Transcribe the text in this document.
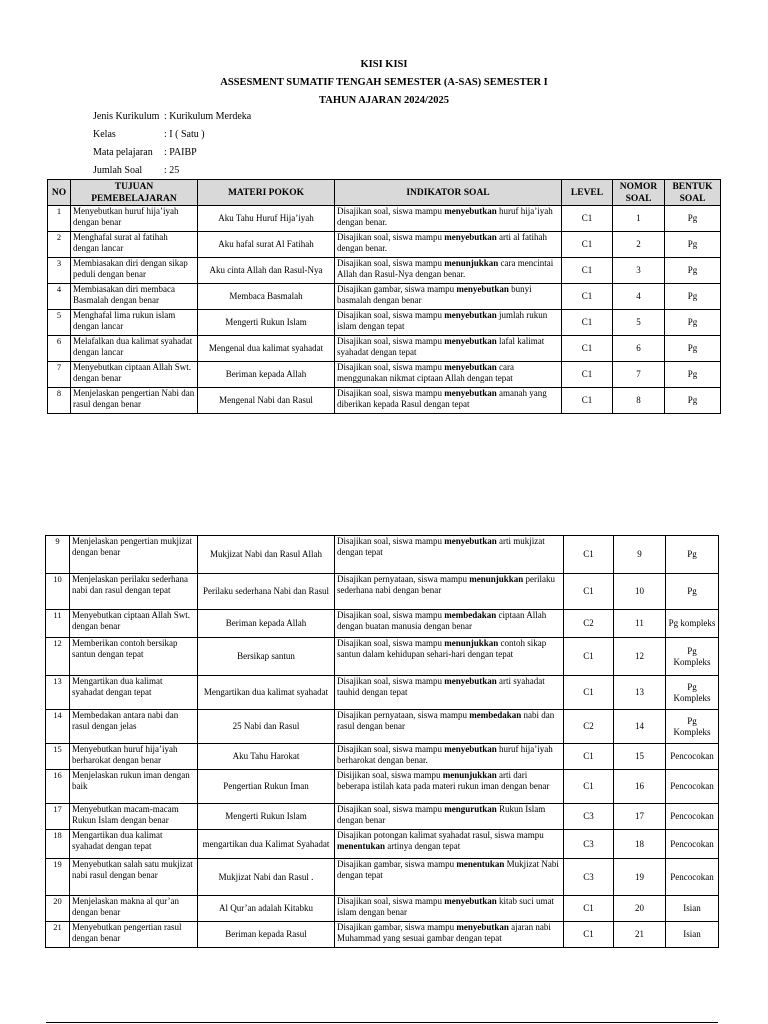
KISI KISI

ASSESMENT SUMATIF TENGAH SEMESTER (A-SAS) SEMESTER I

TAHUN AJARAN 2024/2025

Jenis Kurikulum : Kurikulum Merdeka
Kelas	: I ( Satu )
Mata pelajaran	: PAIBP
Jumlah Soal	: 25
NO	TUJUAN PEMEBELAJARAN	MATERI POKOK	INDIKATOR SOAL	LEVEL	NOMOR SOAL	BENTUK SOAL
1	Menyebutkan huruf hija’iyah dengan benar	Aku Tahu Huruf Hija’iyah	Disajikan soal, siswa mampu menyebutkan huruf hija’iyah dengan benar.	C1	1	Pg
2	Menghafal surat al fatihah dengan lancar	Aku hafal surat Al Fatihah	Disajikan soal, siswa mampu menyebutkan arti al fatihah dengan benar.	C1	2	Pg
3	Membiasakan diri dengan sikap peduli dengan benar	Aku cinta Allah dan Rasul-Nya	Disajikan soal, siswa mampu menunjukkan cara mencintai Allah dan Rasul-Nya dengan benar.	C1	3	Pg
4	Membiasakan diri membaca Basmalah dengan benar	Membaca Basmalah	Disajikan gambar, siswa mampu menyebutkan bunyi basmalah dengan benar	C1	4	Pg
5	Menghafal lima rukun islam dengan lancar	Mengerti Rukun Islam	Disajikan soal, siswa mampu menyebutkan jumlah rukun islam dengan tepat	C1	5	Pg
6	Melafalkan dua kalimat syahadat dengan lancar	Mengenal dua kalimat syahadat	Disajikan soal, siswa mampu menyebutkan lafal kalimat syahadat dengan tepat	C1	6	Pg
7	Menyebutkan ciptaan Allah Swt. dengan benar	Beriman kepada Allah	Disajikan soal, siswa mampu menyebutkan cara menggunakan nikmat ciptaan Allah dengan tepat	C1	7	Pg
8	Menjelaskan pengertian Nabi dan rasul dengan benar	Mengenal Nabi dan Rasul	Disajikan soal, siswa mampu menyebutkan amanah yang diberikan kepada Rasul dengan tepat	C1	8	Pg
9	Menjelaskan pengertian mukjizat dengan benar	Mukjizat Nabi dan Rasul Allah	Disajikan soal, siswa mampu menyebutkan arti mukjizat dengan tepat	C1	9	Pg
10	Menjelaskan perilaku sederhana nabi dan rasul dengan tepat	Perilaku sederhana Nabi dan Rasul	Disajikan pernyataan, siswa mampu menunjukkan perilaku sederhana nabi dengan benar	C1	10	Pg
11	Menyebutkan ciptaan Allah Swt. dengan benar	Beriman kepada Allah	Disajikan soal, siswa mampu membedakan ciptaan Allah dengan buatan manusia dengan benar	C2	11	Pg kompleks
12	Memberikan contoh bersikap santun dengan tepat	Bersikap santun	Disajikan soal, siswa mampu menunjukkan contoh sikap santun dalam kehidupan sehari-hari dengan tepat	C1	12	Pg Kompleks
13	Mengartikan dua kalimat syahadat dengan tepat	Mengartikan dua kalimat syahadat	Disajikan soal, siswa mampu menyebutkan arti syahadat tauhid dengan tepat	C1	13	Pg Kompleks
14	Membedakan antara nabi dan rasul dengan jelas	25 Nabi dan Rasul	Disajikan pernyataan, siswa mampu membedakan nabi dan rasul dengan benar	C2	14	Pg Kompleks
15	Menyebutkan huruf hija’iyah berharokat dengan benar	Aku Tahu Harokat	Disajikan soal, siswa mampu menyebutkan huruf hija’iyah berharokat dengan benar.	C1	15	Pencocokan
16	Menjelaskan rukun iman dengan baik	Pengertian Rukun Iman	Disijikan soal, siswa mampu menunjukkan arti dari beberapa istilah kata pada materi rukun iman dengan benar	C1	16	Pencocokan
17	Menyebutkan macam-macam Rukun Islam dengan benar	Mengerti Rukun Islam	Disajikan soal, siswa mampu mengurutkan Rukun Islam dengan benar	C3	17	Pencocokan
18	Mengartikan dua kalimat syahadat dengan tepat	mengartikan dua Kalimat Syahadat	Disajikan potongan kalimat syahadat rasul, siswa mampu menentukan artinya dengan tepat	C3	18	Pencocokan
19	Menyebutkan salah satu mukjizat nabi rasul dengan benar	Mukjizat Nabi dan Rasul .	Disajikan gambar, siswa mampu menentukan Mukjizat Nabi dengan tepat	C3	19	Pencocokan
20	Menjelaskan makna al qur’an dengan benar	Al Qur’an adalah Kitabku	Disajikan soal, siswa mampu menyebutkan kitab suci umat islam dengan benar	C1	20	Isian
21	Menyebutkan pengertian rasul dengan benar	Beriman kepada Rasul	Disajikan gambar, siswa mampu menyebutkan ajaran nabi Muhammad yang sesuai gambar dengan tepat	C1	21	Isian
